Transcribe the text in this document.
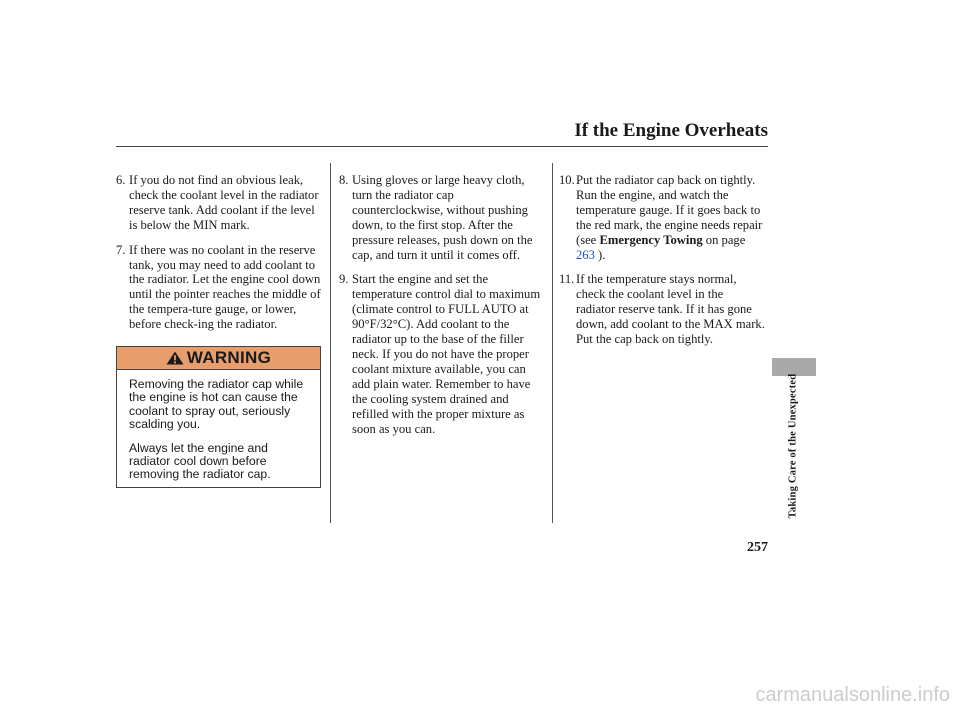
If the Engine Overheats
6. If you do not find an obvious leak, check the coolant level in the radiator reserve tank. Add coolant if the level is below the MIN mark.
7. If there was no coolant in the reserve tank, you may need to add coolant to the radiator. Let the engine cool down until the pointer reaches the middle of the tempera-ture gauge, or lower, before check-ing the radiator.
WARNING

Removing the radiator cap while the engine is hot can cause the coolant to spray out, seriously scalding you.

Always let the engine and radiator cool down before removing the radiator cap.

8. Using gloves or large heavy cloth, turn the radiator cap counterclockwise, without pushing down, to the first stop. After the pressure releases, push down on the cap, and turn it until it comes off.
9. Start the engine and set the temperature control dial to maximum (climate control to FULL AUTO at 90°F/32°C). Add coolant to the radiator up to the base of the filler neck. If you do not have the proper coolant mixture available, you can add plain water. Remember to have the cooling system drained and refilled with the proper mixture as soon as you can.
10. Put the radiator cap back on tightly. Run the engine, and watch the temperature gauge. If it goes back to the red mark, the engine needs repair (see Emergency Towing on page 263 ).
11. If the temperature stays normal, check the coolant level in the radiator reserve tank. If it has gone down, add coolant to the MAX mark. Put the cap back on tightly.
Taking Care of the Unexpected
257
carmanualsonline.info
